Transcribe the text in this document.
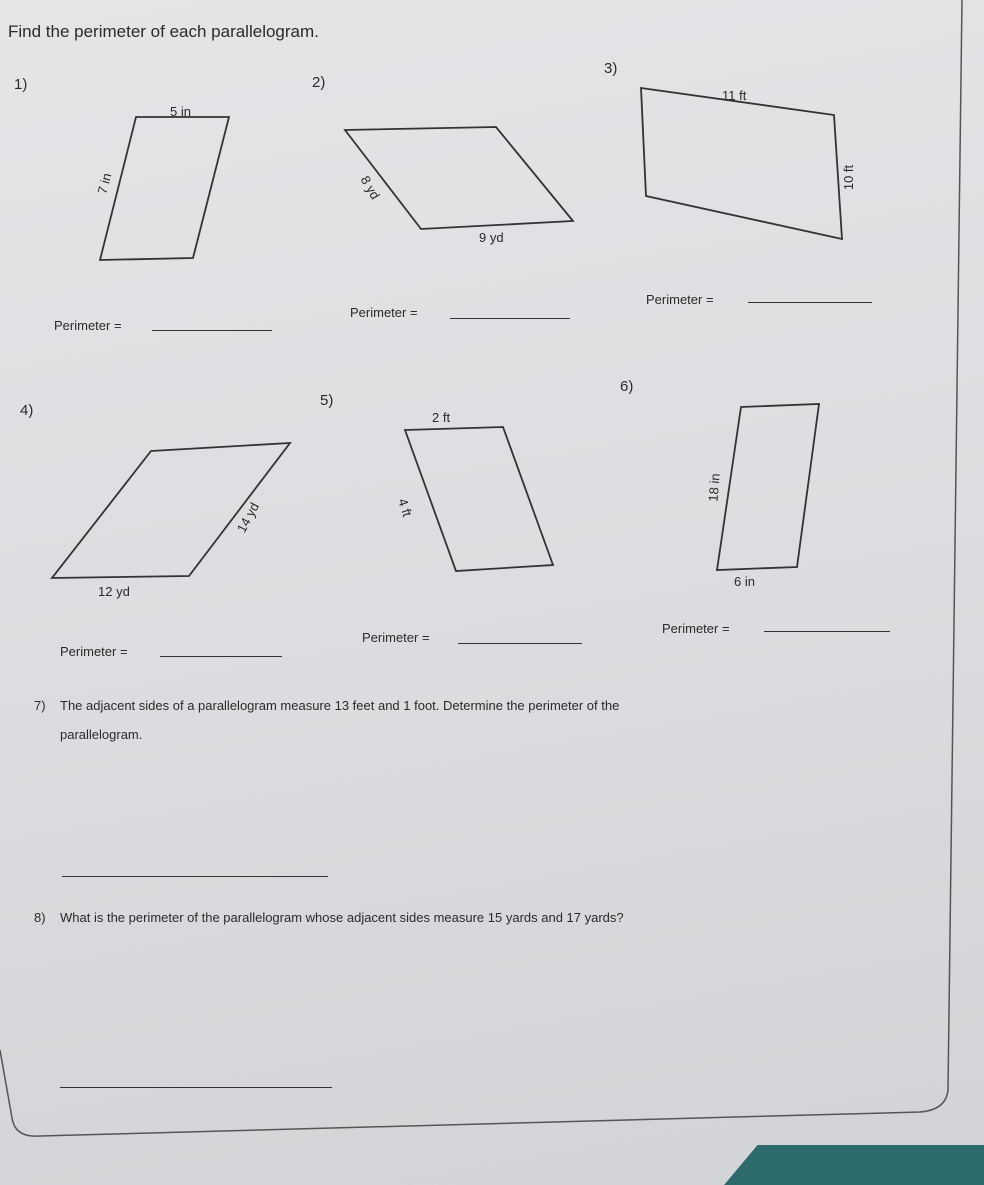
Find the perimeter of each parallelogram.
1)
5 in
7 in
Perimeter =
2)
8 yd
9 yd
Perimeter =
3)
11 ft
10 ft
Perimeter =
4)
14 yd
12 yd
Perimeter =
5)
2 ft
4 ft
Perimeter =
6)
18 in
6 in
Perimeter =
7) The adjacent sides of a parallelogram measure 13 feet and 1 foot. Determine the perimeter of the
parallelogram.
8) What is the perimeter of the parallelogram whose adjacent sides measure 15 yards and 17 yards?
